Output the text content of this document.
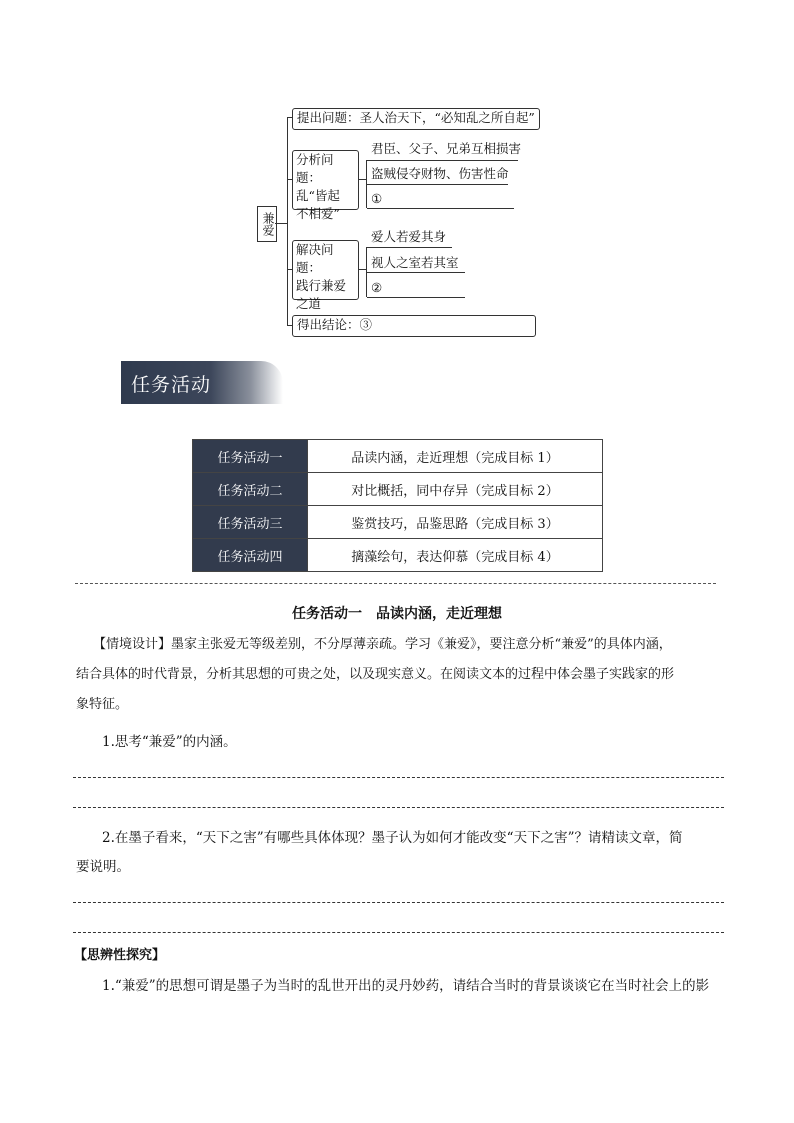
兼爱
提出问题：圣人治天下，“必知乱之所自起”
分析问题：
乱“皆起
不相爱”
君臣、父子、兄弟互相损害
盗贼侵夺财物、伤害性命
①
解决问题：
践行兼爱
之道
爱人若爱其身
视人之室若其室
②
得出结论：③
任务活动
任务活动一	品读内涵，走近理想（完成目标 1）
任务活动二	对比概括，同中存异（完成目标 2）
任务活动三	鉴赏技巧，品鉴思路（完成目标 3）
任务活动四	摛藻绘句，表达仰慕（完成目标 4）
任务活动一　品读内涵，走近理想
【情境设计】墨家主张爱无等级差别，不分厚薄亲疏。学习《兼爱》，要注意分析“兼爱”的具体内涵，
结合具体的时代背景，分析其思想的可贵之处，以及现实意义。在阅读文本的过程中体会墨子实践家的形
象特征。
1.思考“兼爱”的内涵。
2.在墨子看来，“天下之害”有哪些具体体现？墨子认为如何才能改变“天下之害”？请精读文章，简
要说明。
【思辨性探究】
1.“兼爱”的思想可谓是墨子为当时的乱世开出的灵丹妙药，请结合当时的背景谈谈它在当时社会上的影
